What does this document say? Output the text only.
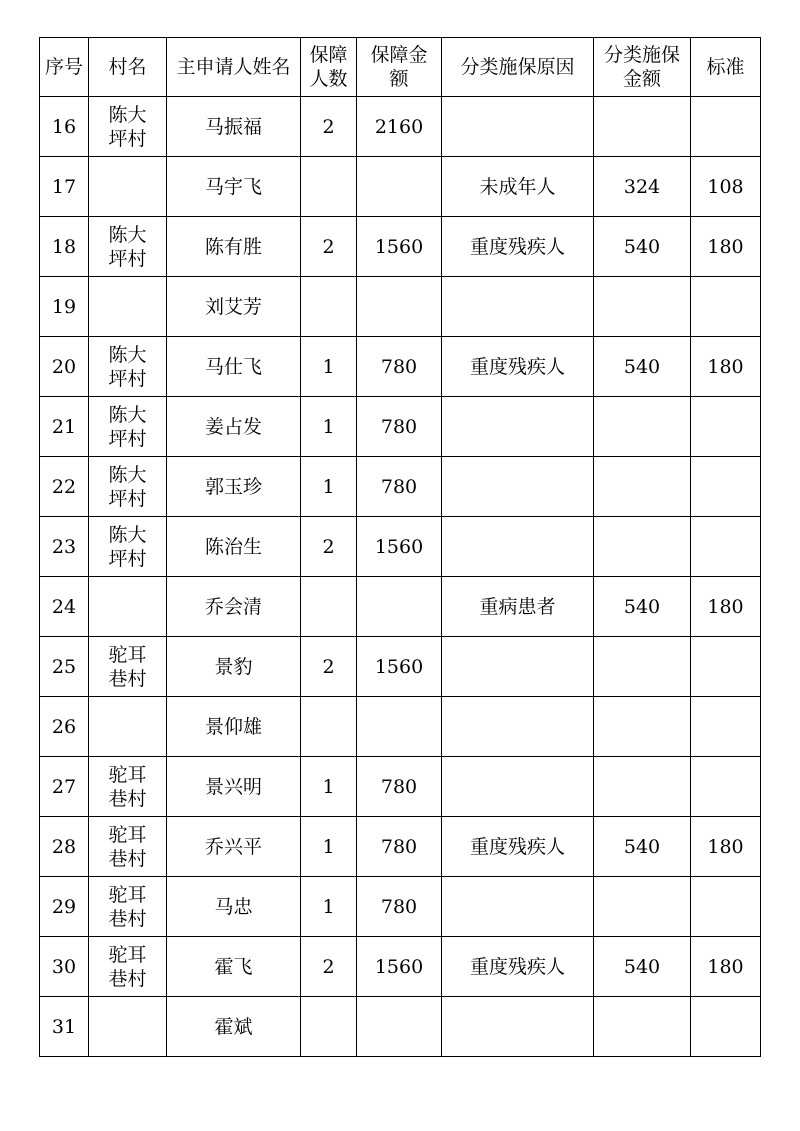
序号	村名	主申请人姓名	保障人数	保障金额	分类施保原因	分类施保金额	标准
16	陈大坪村	马振福	2	2160			
17		马宇飞			未成年人	324	108
18	陈大坪村	陈有胜	2	1560	重度残疾人	540	180
19		刘艾芳					
20	陈大坪村	马仕飞	1	780	重度残疾人	540	180
21	陈大坪村	姜占发	1	780			
22	陈大坪村	郭玉珍	1	780			
23	陈大坪村	陈治生	2	1560			
24		乔会清			重病患者	540	180
25	驼耳巷村	景豹	2	1560			
26		景仰雄					
27	驼耳巷村	景兴明	1	780			
28	驼耳巷村	乔兴平	1	780	重度残疾人	540	180
29	驼耳巷村	马忠	1	780			
30	驼耳巷村	霍飞	2	1560	重度残疾人	540	180
31		霍斌					
